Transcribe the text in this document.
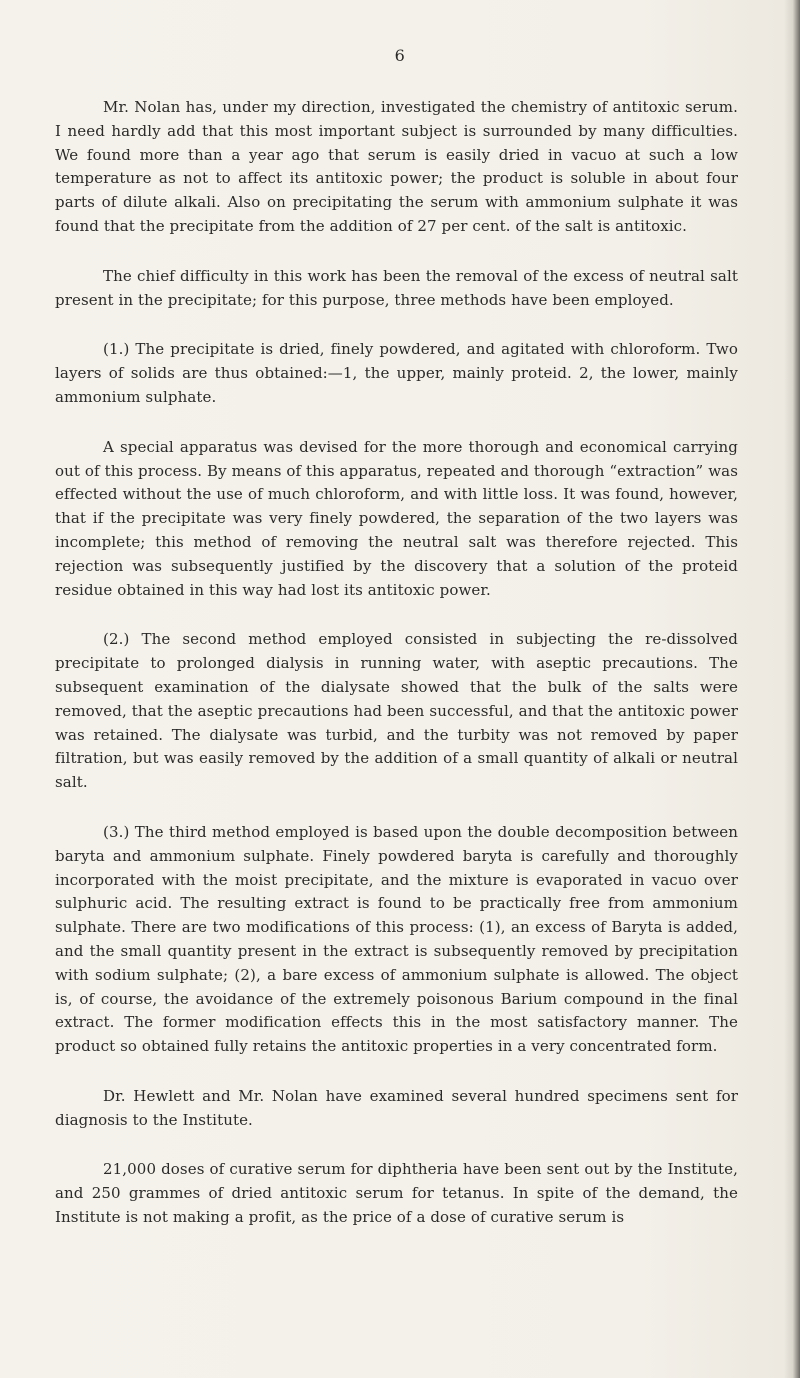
6

Mr. Nolan has, under my direction, investigated the chemistry of antitoxic serum. I need hardly add that this most important subject is surrounded by many difficulties. We found more than a year ago that serum is easily dried in vacuo at such a low temperature as not to affect its antitoxic power; the product is soluble in about four parts of dilute alkali. Also on precipitating the serum with ammonium sulphate it was found that the precipitate from the addition of 27 per cent. of the salt is antitoxic.

The chief difficulty in this work has been the removal of the excess of neutral salt present in the precipitate; for this purpose, three methods have been employed.

(1.) The precipitate is dried, finely powdered, and agitated with chloroform. Two layers of solids are thus obtained:—1, the upper, mainly proteid. 2, the lower, mainly ammonium sulphate.

A special apparatus was devised for the more thorough and economical carrying out of this process. By means of this apparatus, repeated and thorough “extraction” was effected without the use of much chloroform, and with little loss. It was found, however, that if the precipitate was very finely powdered, the separation of the two layers was incomplete; this method of removing the neutral salt was therefore rejected. This rejection was subsequently justified by the discovery that a solution of the proteid residue obtained in this way had lost its antitoxic power.

(2.) The second method employed consisted in subjecting the re-dissolved precipitate to prolonged dialysis in running water, with aseptic precautions. The subsequent examination of the dialysate showed that the bulk of the salts were removed, that the aseptic precautions had been successful, and that the antitoxic power was retained. The dialysate was turbid, and the turbity was not removed by paper filtration, but was easily removed by the addition of a small quantity of alkali or neutral salt.

(3.) The third method employed is based upon the double decomposition between baryta and ammonium sulphate. Finely powdered baryta is carefully and thoroughly incorporated with the moist precipitate, and the mixture is evaporated in vacuo over sulphuric acid. The resulting extract is found to be practically free from ammonium sulphate. There are two modifications of this process: (1), an excess of Baryta is added, and the small quantity present in the extract is subsequently removed by precipitation with sodium sulphate; (2), a bare excess of ammonium sulphate is allowed. The object is, of course, the avoidance of the extremely poisonous Barium compound in the final extract. The former modification effects this in the most satisfactory manner. The product so obtained fully retains the antitoxic properties in a very concentrated form.

Dr. Hewlett and Mr. Nolan have examined several hundred specimens sent for diagnosis to the Institute.

21,000 doses of curative serum for diphtheria have been sent out by the Institute, and 250 grammes of dried antitoxic serum for tetanus. In spite of the demand, the Institute is not making a profit, as the price of a dose of curative serum is
